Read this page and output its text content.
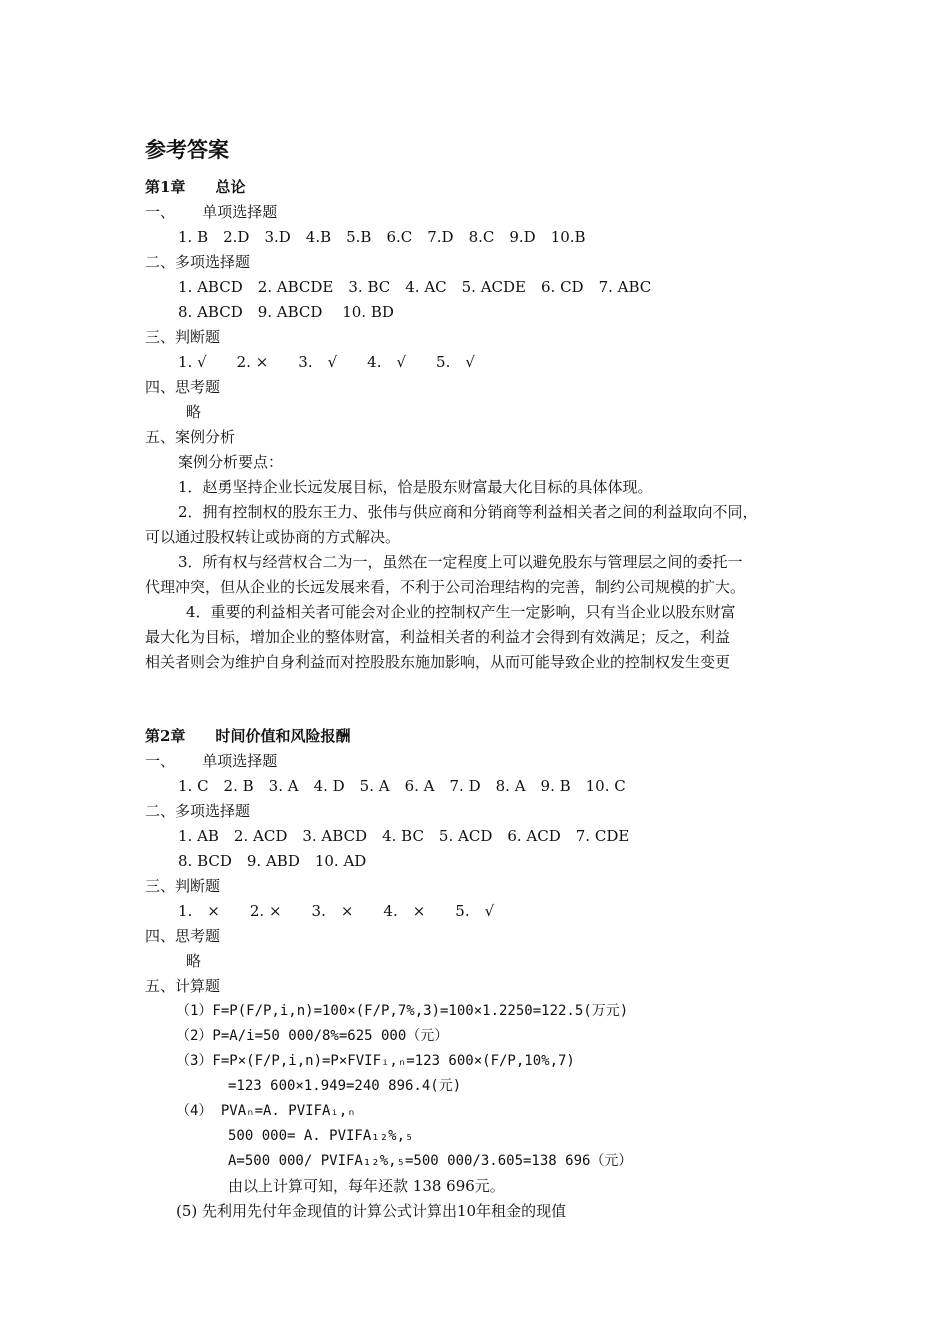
参考答案
第1章　　总论
一、　　 单项选择题
1. B　2.D　3.D　4.B　5.B　6.C　7.D　8.C　9.D　10.B
二、多项选择题
1. ABCD　2. ABCDE　3. BC　4. AC　5. ACDE　6. CD　7. ABC
8. ABCD　9. ABCD　 10. BD
三、判断题
1. √　　2. ×　　3.　√　　4.　√　　5.　√
四、思考题
略
五、案例分析
案例分析要点：
1．赵勇坚持企业长远发展目标，恰是股东财富最大化目标的具体体现。
2．拥有控制权的股东王力、张伟与供应商和分销商等利益相关者之间的利益取向不同，
可以通过股权转让或协商的方式解决。
3．所有权与经营权合二为一，虽然在一定程度上可以避免股东与管理层之间的委托一
代理冲突，但从企业的长远发展来看，不利于公司治理结构的完善，制约公司规模的扩大。
4．重要的利益相关者可能会对企业的控制权产生一定影响，只有当企业以股东财富
最大化为目标，增加企业的整体财富，利益相关者的利益才会得到有效满足；反之，利益
相关者则会为维护自身利益而对控股股东施加影响，从而可能导致企业的控制权发生变更
第2章　　时间价值和风险报酬
一、　　 单项选择题
1. C　2. B　3. A　4. D　5. A　6. A　7. D　8. A　9. B　10. C
二、多项选择题
1. AB　2. ACD　3. ABCD　4. BC　5. ACD　6. ACD　7. CDE
8. BCD　9. ABD　10. AD
三、判断题
1.　×　　2. ×　　3.　×　　4.　×　　5.　√
四、思考题
略
五、计算题
（1）F=P(F/P,i,n)=100×(F/P,7%,3)=100×1.2250=122.5(万元)
（2）P=A/i=50 000/8%=625 000（元）
（3）F=P×(F/P,i,n)=P×FVIFᵢ,ₙ=123 600×(F/P,10%,7)
=123 600×1.949=240 896.4(元)
（4） PVAₙ=A. PVIFAᵢ,ₙ
500 000= A. PVIFA₁₂%,₅
A=500 000/ PVIFA₁₂%,₅=500 000/3.605=138 696（元）
由以上计算可知，每年还款 138 696元。
(5) 先利用先付年金现值的计算公式计算出10年租金的现值
